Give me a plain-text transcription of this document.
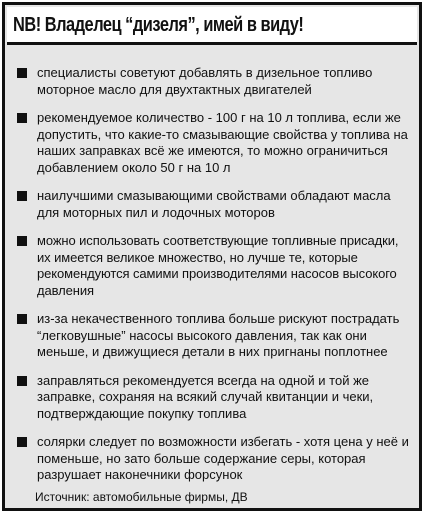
NB! Владелец “дизеля”, имей в виду!
специалисты советуют добавлять в дизельное топливо моторное масло для двухтактных двигателей
рекомендуемое количество - 100 г на 10 л топлива, если же допустить, что какие-то смазывающие свойства у топлива на наших заправках всё же имеются, то можно ограничиться добавлением около 50 г на 10 л
наилучшими смазывающими свойствами обладают масла для моторных пил и лодочных моторов
можно использовать соответствующие топливные присадки, их имеется великое множество, но лучше те, которые рекомендуются самими производителями насосов высокого давления
из-за некачественного топлива больше рискуют пострадать “легковушные” насосы высокого давления, так как они меньше, и движущиеся детали в них пригнаны поплотнее
заправляться рекомендуется всегда на одной и той же заправке, сохраняя на всякий случай квитанции и чеки, подтверждающие покупку топлива
солярки следует по возможности избегать - хотя цена у неё и поменьше, но зато больше содержание серы, которая разрушает наконечники форсунок
Источник: автомобильные фирмы, ДВ
